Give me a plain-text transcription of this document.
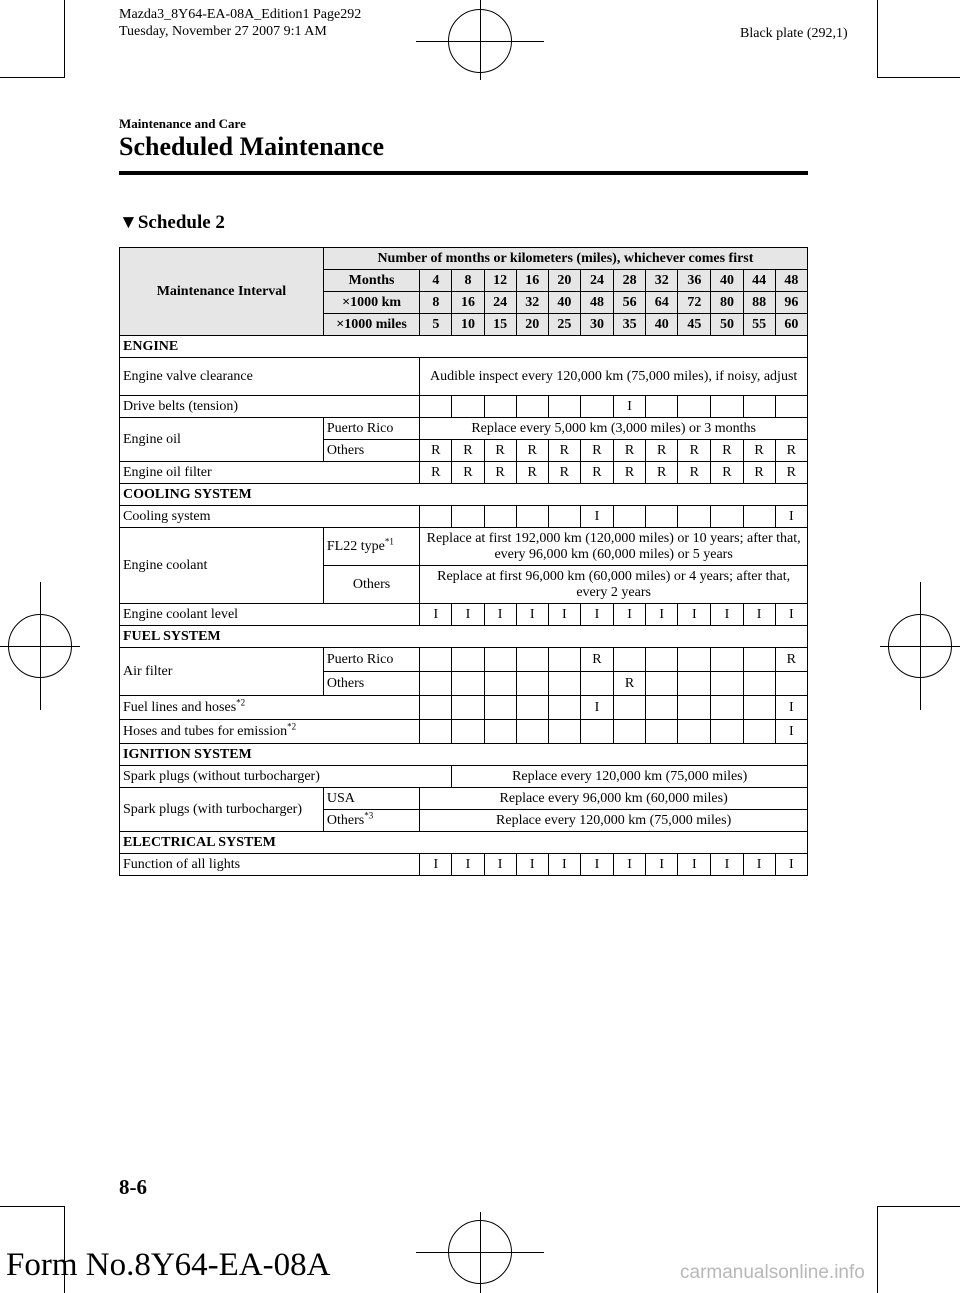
Mazda3_8Y64-EA-08A_Edition1 Page292
Tuesday, November 27 2007 9:1 AM	Black plate (292,1)
Maintenance and Care
Scheduled Maintenance
▼Schedule 2
Maintenance Interval	Number of months or kilometers (miles), whichever comes first												
	Months	4	8	12	16	20	24	28	32	36	40	44	48
	×1000 km	8	16	24	32	40	48	56	64	72	80	88	96
	×1000 miles	5	10	15	20	25	30	35	40	45	50	55	60
ENGINE													
Engine valve clearance		Audible inspect every 120,000 km (75,000 miles), if noisy, adjust											
Drive belts (tension)								I					
Engine oil	Puerto Rico	Replace every 5,000 km (3,000 miles) or 3 months											
	Others	R	R	R	R	R	R	R	R	R	R	R	R
Engine oil filter		R	R	R	R	R	R	R	R	R	R	R	R
COOLING SYSTEM													
Cooling system							I						I
Engine coolant	FL22 type$^{*1}$	Replace at first 192,000 km (120,000 miles) or 10 years; after that, every 96,000 km (60,000 miles) or 5 years											
	Others	Replace at first 96,000 km (60,000 miles) or 4 years; after that, every 2 years											
Engine coolant level		I	I	I	I	I	I	I	I	I	I	I	I
FUEL SYSTEM													
Air filter	Puerto Rico						R						R
	Others							R					
Fuel lines and hoses$^{*2}$							I						I
Hoses and tubes for emission$^{*2}$													I
IGNITION SYSTEM													
Spark plugs (without turbocharger)			Replace every 120,000 km (75,000 miles)										
Spark plugs (with turbocharger)	USA	Replace every 96,000 km (60,000 miles)											
	Others$^{*3}$	Replace every 120,000 km (75,000 miles)											
ELECTRICAL SYSTEM													
Function of all lights		I	I	I	I	I	I	I	I	I	I	I	I
8-6
Form No.8Y64-EA-08A	carmanualsonline.info
